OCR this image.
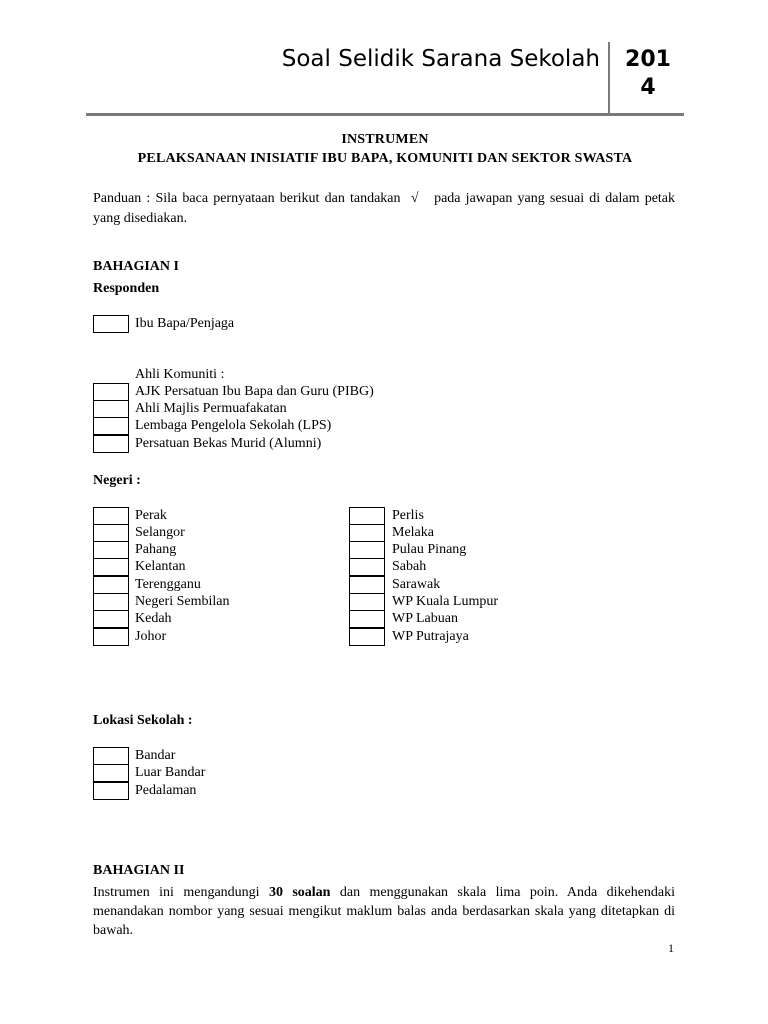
Soal Selidik Sarana Sekolah 201
4
INSTRUMEN
PELAKSANAAN INISIATIF IBU BAPA, KOMUNITI DAN SEKTOR SWASTA
Panduan : Sila baca pernyataan berikut dan tandakan √ pada jawapan yang sesuai di dalam petak yang disediakan.
BAHAGIAN I
Responden
Ibu Bapa/Penjaga
Ahli Komuniti :
AJK Persatuan Ibu Bapa dan Guru (PIBG)
Ahli Majlis Permuafakatan
Lembaga Pengelola Sekolah (LPS)
Persatuan Bekas Murid (Alumni)
Negeri :
Perak
Selangor
Pahang
Kelantan
Terengganu
Negeri Sembilan
Kedah
Johor
Perlis
Melaka
Pulau Pinang
Sabah
Sarawak
WP Kuala Lumpur
WP Labuan
WP Putrajaya
Lokasi Sekolah :
Bandar
Luar Bandar
Pedalaman
BAHAGIAN II
Instrumen ini mengandungi 30 soalan dan menggunakan skala lima poin. Anda dikehendaki menandakan nombor yang sesuai mengikut maklum balas anda berdasarkan skala yang ditetapkan di bawah.
1
